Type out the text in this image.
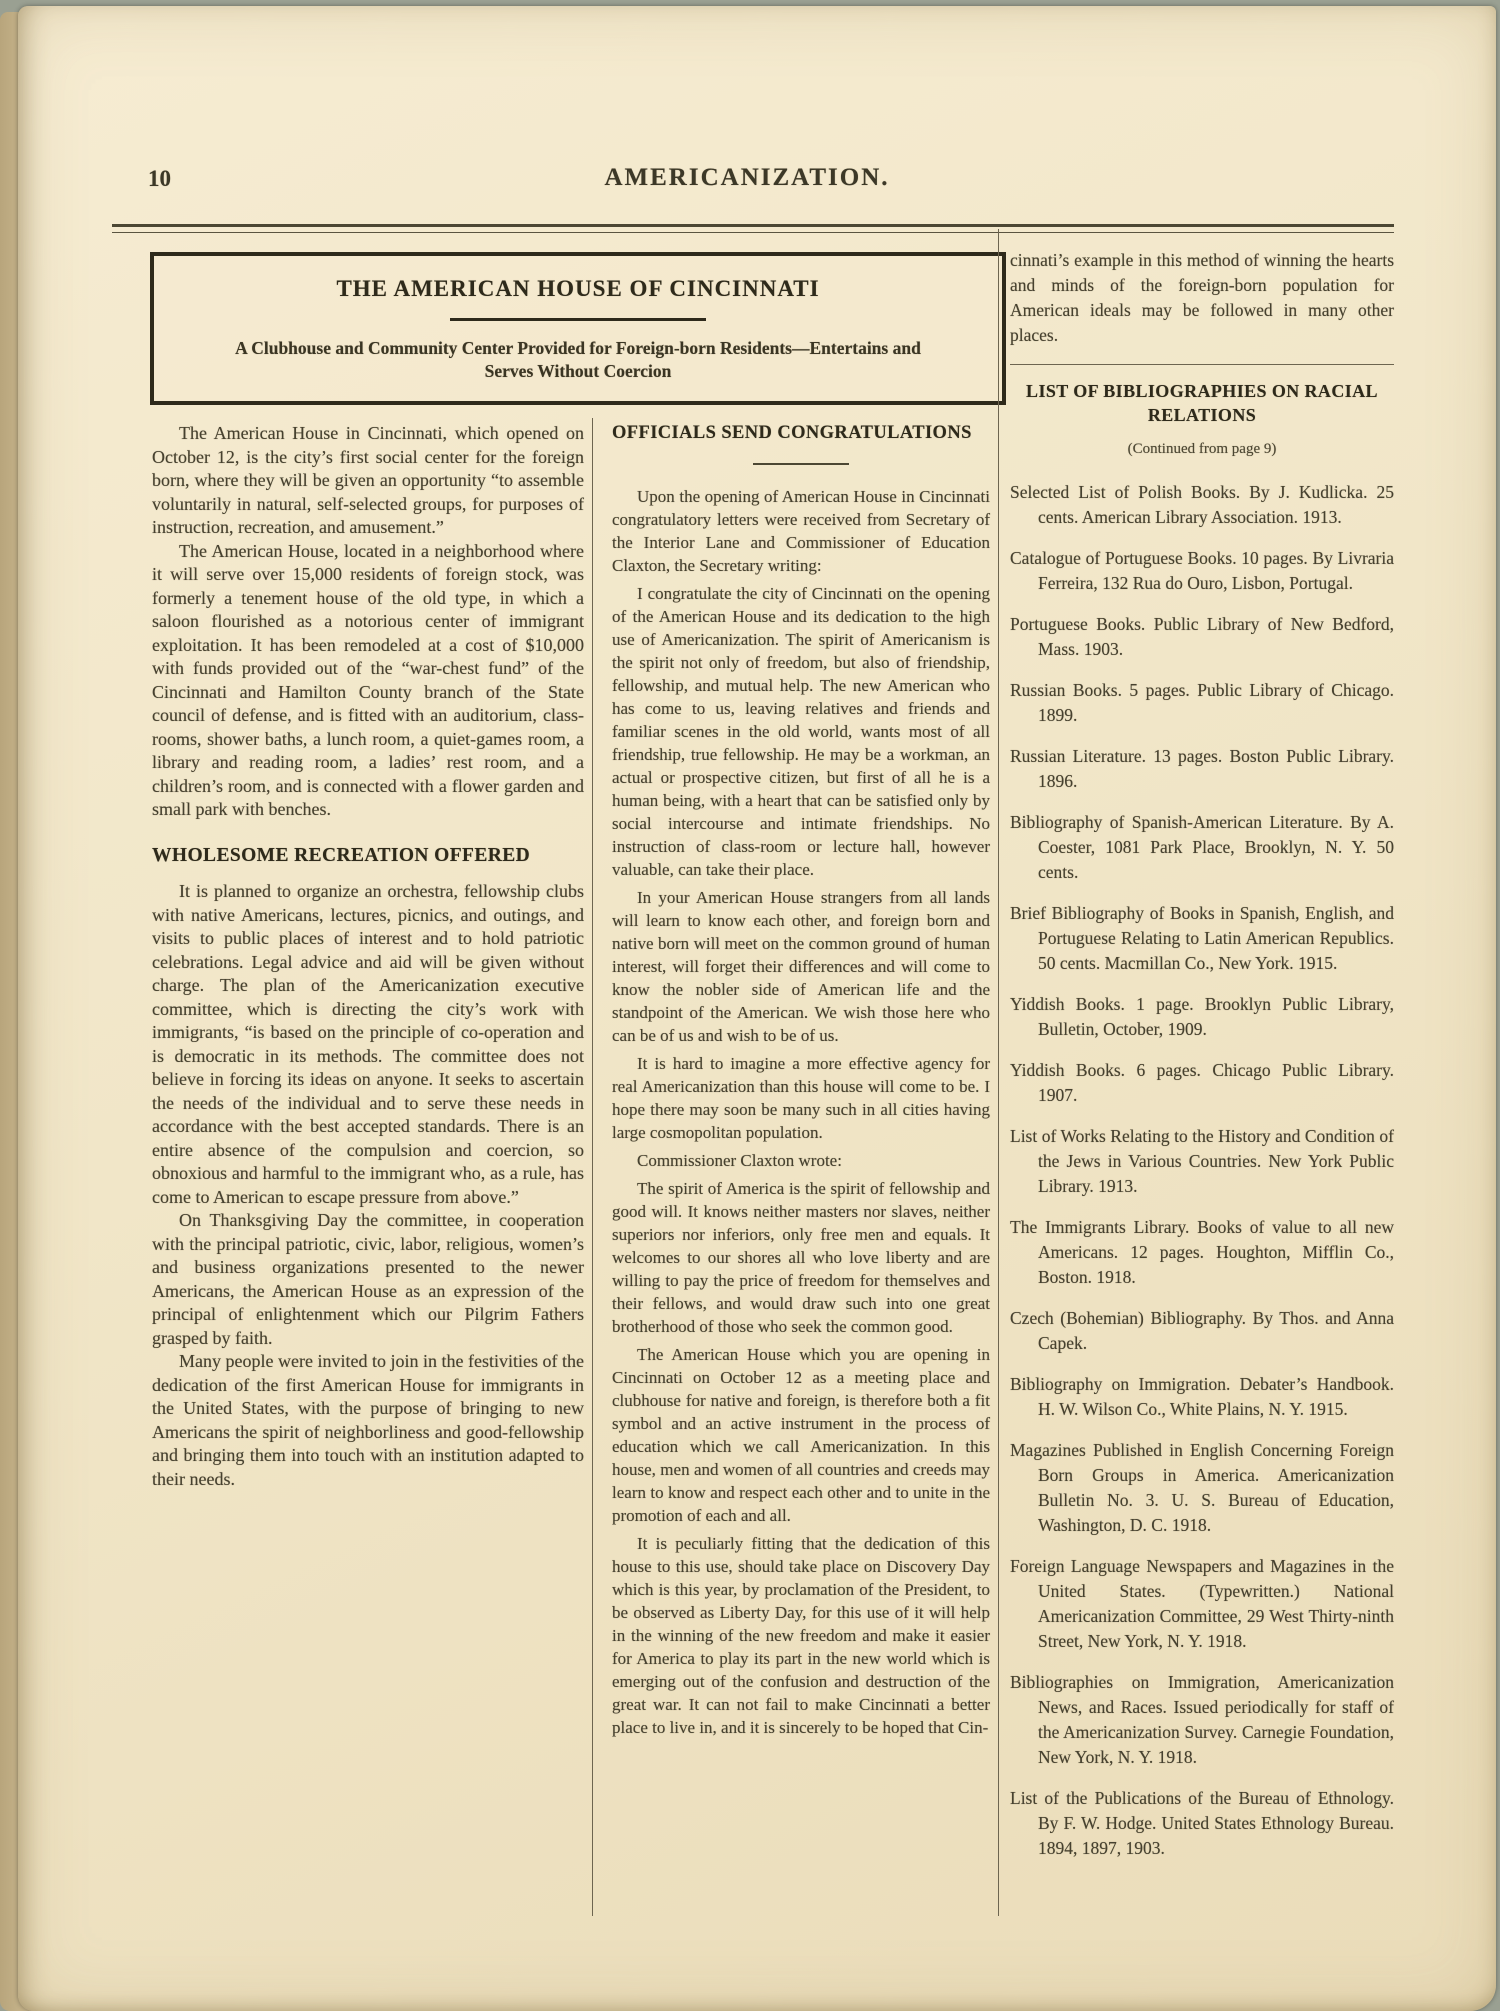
10	AMERICANIZATION.
THE AMERICAN HOUSE OF CINCINNATI
A Clubhouse and Community Center Provided for Foreign-born Residents—Entertains and Serves Without Coercion

The American House in Cincinnati, which opened on October 12, is the city’s first social center for the foreign born, where they will be given an opportunity “to assemble voluntarily in natural, self-selected groups, for purposes of instruction, recreation, and amusement.”

The American House, located in a neighborhood where it will serve over 15,000 residents of foreign stock, was formerly a tenement house of the old type, in which a saloon flourished as a notorious center of immigrant exploitation. It has been remodeled at a cost of $10,000 with funds provided out of the “war-chest fund” of the Cincinnati and Hamilton County branch of the State council of defense, and is fitted with an auditorium, class-rooms, shower baths, a lunch room, a quiet-games room, a library and reading room, a ladies’ rest room, and a children’s room, and is connected with a flower garden and small park with benches.

WHOLESOME RECREATION OFFERED

It is planned to organize an orchestra, fellowship clubs with native Americans, lectures, picnics, and outings, and visits to public places of interest and to hold patriotic celebrations. Legal advice and aid will be given without charge. The plan of the Americanization executive committee, which is directing the city’s work with immigrants, “is based on the principle of co-operation and is democratic in its methods. The committee does not believe in forcing its ideas on anyone. It seeks to ascertain the needs of the individual and to serve these needs in accordance with the best accepted standards. There is an entire absence of the compulsion and coercion, so obnoxious and harmful to the immigrant who, as a rule, has come to American to escape pressure from above.”

On Thanksgiving Day the committee, in cooperation with the principal patriotic, civic, labor, religious, women’s and business organizations presented to the newer Americans, the American House as an expression of the principal of enlightenment which our Pilgrim Fathers grasped by faith.

Many people were invited to join in the festivities of the dedication of the first American House for immigrants in the United States, with the purpose of bringing to new Americans the spirit of neighborliness and good-fellowship and bringing them into touch with an institution adapted to their needs.

OFFICIALS SEND CONGRATULATIONS

Upon the opening of American House in Cincinnati congratulatory letters were received from Secretary of the Interior Lane and Commissioner of Education Claxton, the Secretary writing:

I congratulate the city of Cincinnati on the opening of the American House and its dedication to the high use of Americanization. The spirit of Americanism is the spirit not only of freedom, but also of friendship, fellowship, and mutual help. The new American who has come to us, leaving relatives and friends and familiar scenes in the old world, wants most of all friendship, true fellowship. He may be a workman, an actual or prospective citizen, but first of all he is a human being, with a heart that can be satisfied only by social intercourse and intimate friendships. No instruction of class-room or lecture hall, however valuable, can take their place.

In your American House strangers from all lands will learn to know each other, and foreign born and native born will meet on the common ground of human interest, will forget their differences and will come to know the nobler side of American life and the standpoint of the American. We wish those here who can be of us and wish to be of us.

It is hard to imagine a more effective agency for real Americanization than this house will come to be. I hope there may soon be many such in all cities having large cosmopolitan population.

Commissioner Claxton wrote:

The spirit of America is the spirit of fellowship and good will. It knows neither masters nor slaves, neither superiors nor inferiors, only free men and equals. It welcomes to our shores all who love liberty and are willing to pay the price of freedom for themselves and their fellows, and would draw such into one great brotherhood of those who seek the common good.

The American House which you are opening in Cincinnati on October 12 as a meeting place and clubhouse for native and foreign, is therefore both a fit symbol and an active instrument in the process of education which we call Americanization. In this house, men and women of all countries and creeds may learn to know and respect each other and to unite in the promotion of each and all.

It is peculiarly fitting that the dedication of this house to this use, should take place on Discovery Day which is this year, by proclamation of the President, to be observed as Liberty Day, for this use of it will help in the winning of the new freedom and make it easier for America to play its part in the new world which is emerging out of the confusion and destruction of the great war. It can not fail to make Cincinnati a better place to live in, and it is sincerely to be hoped that Cin-

cinnati’s example in this method of winning the hearts and minds of the foreign-born population for American ideals may be followed in many other places.

LIST OF BIBLIOGRAPHIES ON RACIAL RELATIONS
(Continued from page 9)
Selected List of Polish Books. By J. Kudlicka. 25 cents. American Library Association. 1913.
Catalogue of Portuguese Books. 10 pages. By Livraria Ferreira, 132 Rua do Ouro, Lisbon, Portugal.
Portuguese Books. Public Library of New Bedford, Mass. 1903.
Russian Books. 5 pages. Public Library of Chicago. 1899.
Russian Literature. 13 pages. Boston Public Library. 1896.
Bibliography of Spanish-American Literature. By A. Coester, 1081 Park Place, Brooklyn, N. Y. 50 cents.
Brief Bibliography of Books in Spanish, English, and Portuguese Relating to Latin American Republics. 50 cents. Macmillan Co., New York. 1915.
Yiddish Books. 1 page. Brooklyn Public Library, Bulletin, October, 1909.
Yiddish Books. 6 pages. Chicago Public Library. 1907.
List of Works Relating to the History and Condition of the Jews in Various Countries. New York Public Library. 1913.
The Immigrants Library. Books of value to all new Americans. 12 pages. Houghton, Mifflin Co., Boston. 1918.
Czech (Bohemian) Bibliography. By Thos. and Anna Capek.
Bibliography on Immigration. Debater’s Handbook. H. W. Wilson Co., White Plains, N. Y. 1915.
Magazines Published in English Concerning Foreign Born Groups in America. Americanization Bulletin No. 3. U. S. Bureau of Education, Washington, D. C. 1918.
Foreign Language Newspapers and Magazines in the United States. (Typewritten.) National Americanization Committee, 29 West Thirty-ninth Street, New York, N. Y. 1918.
Bibliographies on Immigration, Americanization News, and Races. Issued periodically for staff of the Americanization Survey. Carnegie Foundation, New York, N. Y. 1918.
List of the Publications of the Bureau of Ethnology. By F. W. Hodge. United States Ethnology Bureau. 1894, 1897, 1903.
